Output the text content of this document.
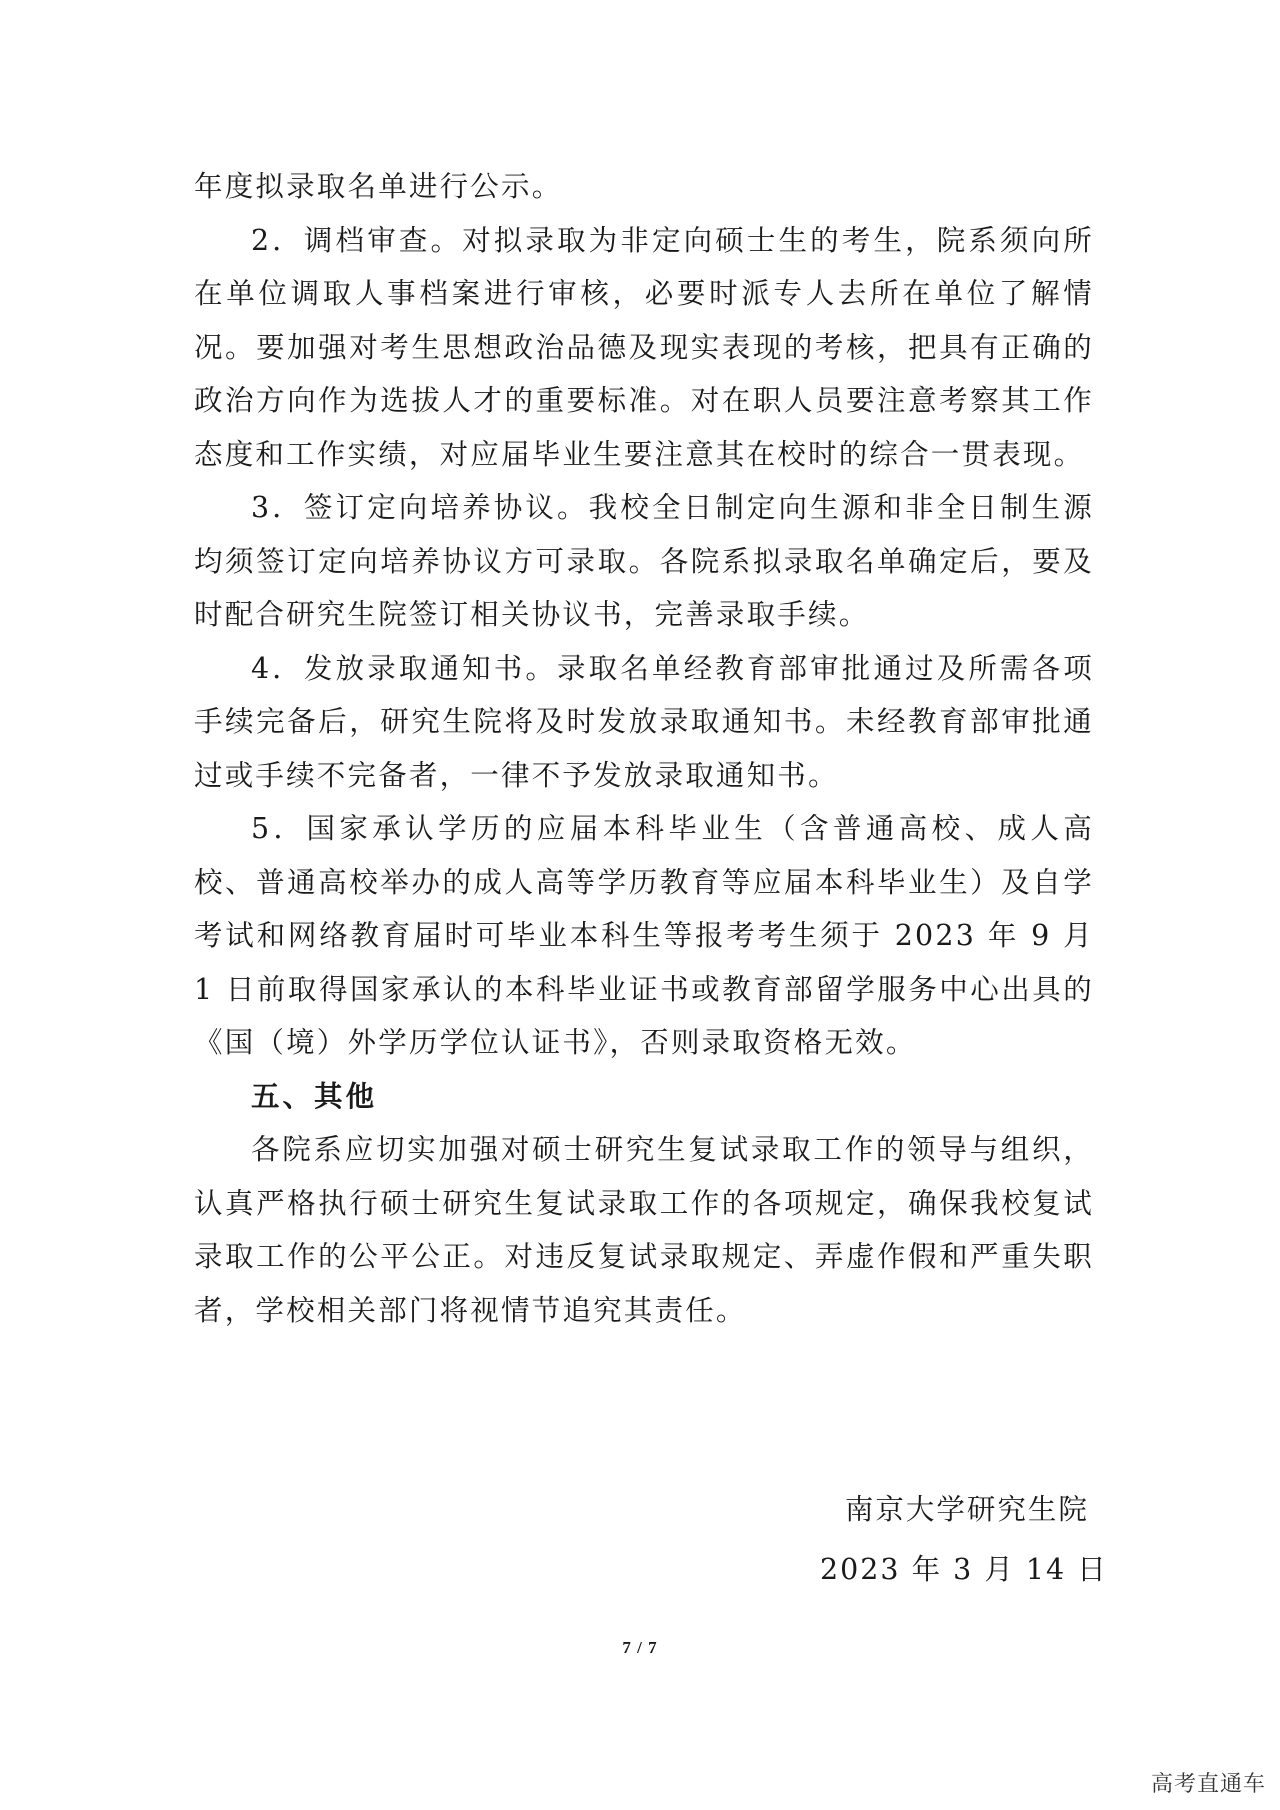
年度拟录取名单进行公示。

2．调档审查。对拟录取为非定向硕士生的考生，院系须向所在单位调取人事档案进行审核，必要时派专人去所在单位了解情况。要加强对考生思想政治品德及现实表现的考核，把具有正确的政治方向作为选拔人才的重要标准。对在职人员要注意考察其工作态度和工作实绩，对应届毕业生要注意其在校时的综合一贯表现。

3．签订定向培养协议。我校全日制定向生源和非全日制生源均须签订定向培养协议方可录取。各院系拟录取名单确定后，要及时配合研究生院签订相关协议书，完善录取手续。

4．发放录取通知书。录取名单经教育部审批通过及所需各项手续完备后，研究生院将及时发放录取通知书。未经教育部审批通过或手续不完备者，一律不予发放录取通知书。

5．国家承认学历的应届本科毕业生（含普通高校、成人高校、普通高校举办的成人高等学历教育等应届本科毕业生）及自学考试和网络教育届时可毕业本科生等报考考生须于 2023 年 9 月 1 日前取得国家承认的本科毕业证书或教育部留学服务中心出具的《国（境）外学历学位认证书》，否则录取资格无效。

五、其他

各院系应切实加强对硕士研究生复试录取工作的领导与组织，认真严格执行硕士研究生复试录取工作的各项规定，确保我校复试录取工作的公平公正。对违反复试录取规定、弄虚作假和严重失职者，学校相关部门将视情节追究其责任。

南京大学研究生院
2023 年 3 月 14 日
7 / 7
高考直通车
